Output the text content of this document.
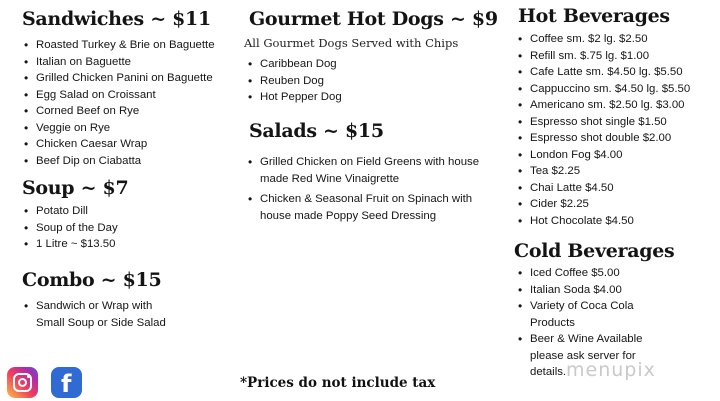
Sandwiches ~ $11
• Roasted Turkey & Brie on Baguette
• Italian on Baguette
• Grilled Chicken Panini on Baguette
• Egg Salad on Croissant
• Corned Beef on Rye
• Veggie on Rye
• Chicken Caesar Wrap
• Beef Dip on Ciabatta
Soup ~ $7
• Potato Dill
• Soup of the Day
• 1 Litre ~ $13.50
Combo ~ $15
• Sandwich or Wrap with Small Soup or Side Salad
Gourmet Hot Dogs ~ $9
All Gourmet Dogs Served with Chips
• Caribbean Dog
• Reuben Dog
• Hot Pepper Dog
Salads ~ $15
• Grilled Chicken on Field Greens with house made Red Wine Vinaigrette
• Chicken & Seasonal Fruit on Spinach with house made Poppy Seed Dressing
Hot Beverages
• Coffee sm. $2 lg. $2.50
• Refill sm. $.75 lg. $1.00
• Cafe Latte sm. $4.50 lg. $5.50
• Cappuccino sm. $4.50 lg. $5.50
• Americano sm. $2.50 lg. $3.00
• Espresso shot single $1.50
• Espresso shot double $2.00
• London Fog $4.00
• Tea $2.25
• Chai Latte $4.50
• Cider $2.25
• Hot Chocolate $4.50
Cold Beverages
• Iced Coffee $5.00
• Italian Soda $4.00
• Variety of Coca Cola Products
• Beer & Wine Available please ask server for details.
f	*Prices do not include tax
menupix
